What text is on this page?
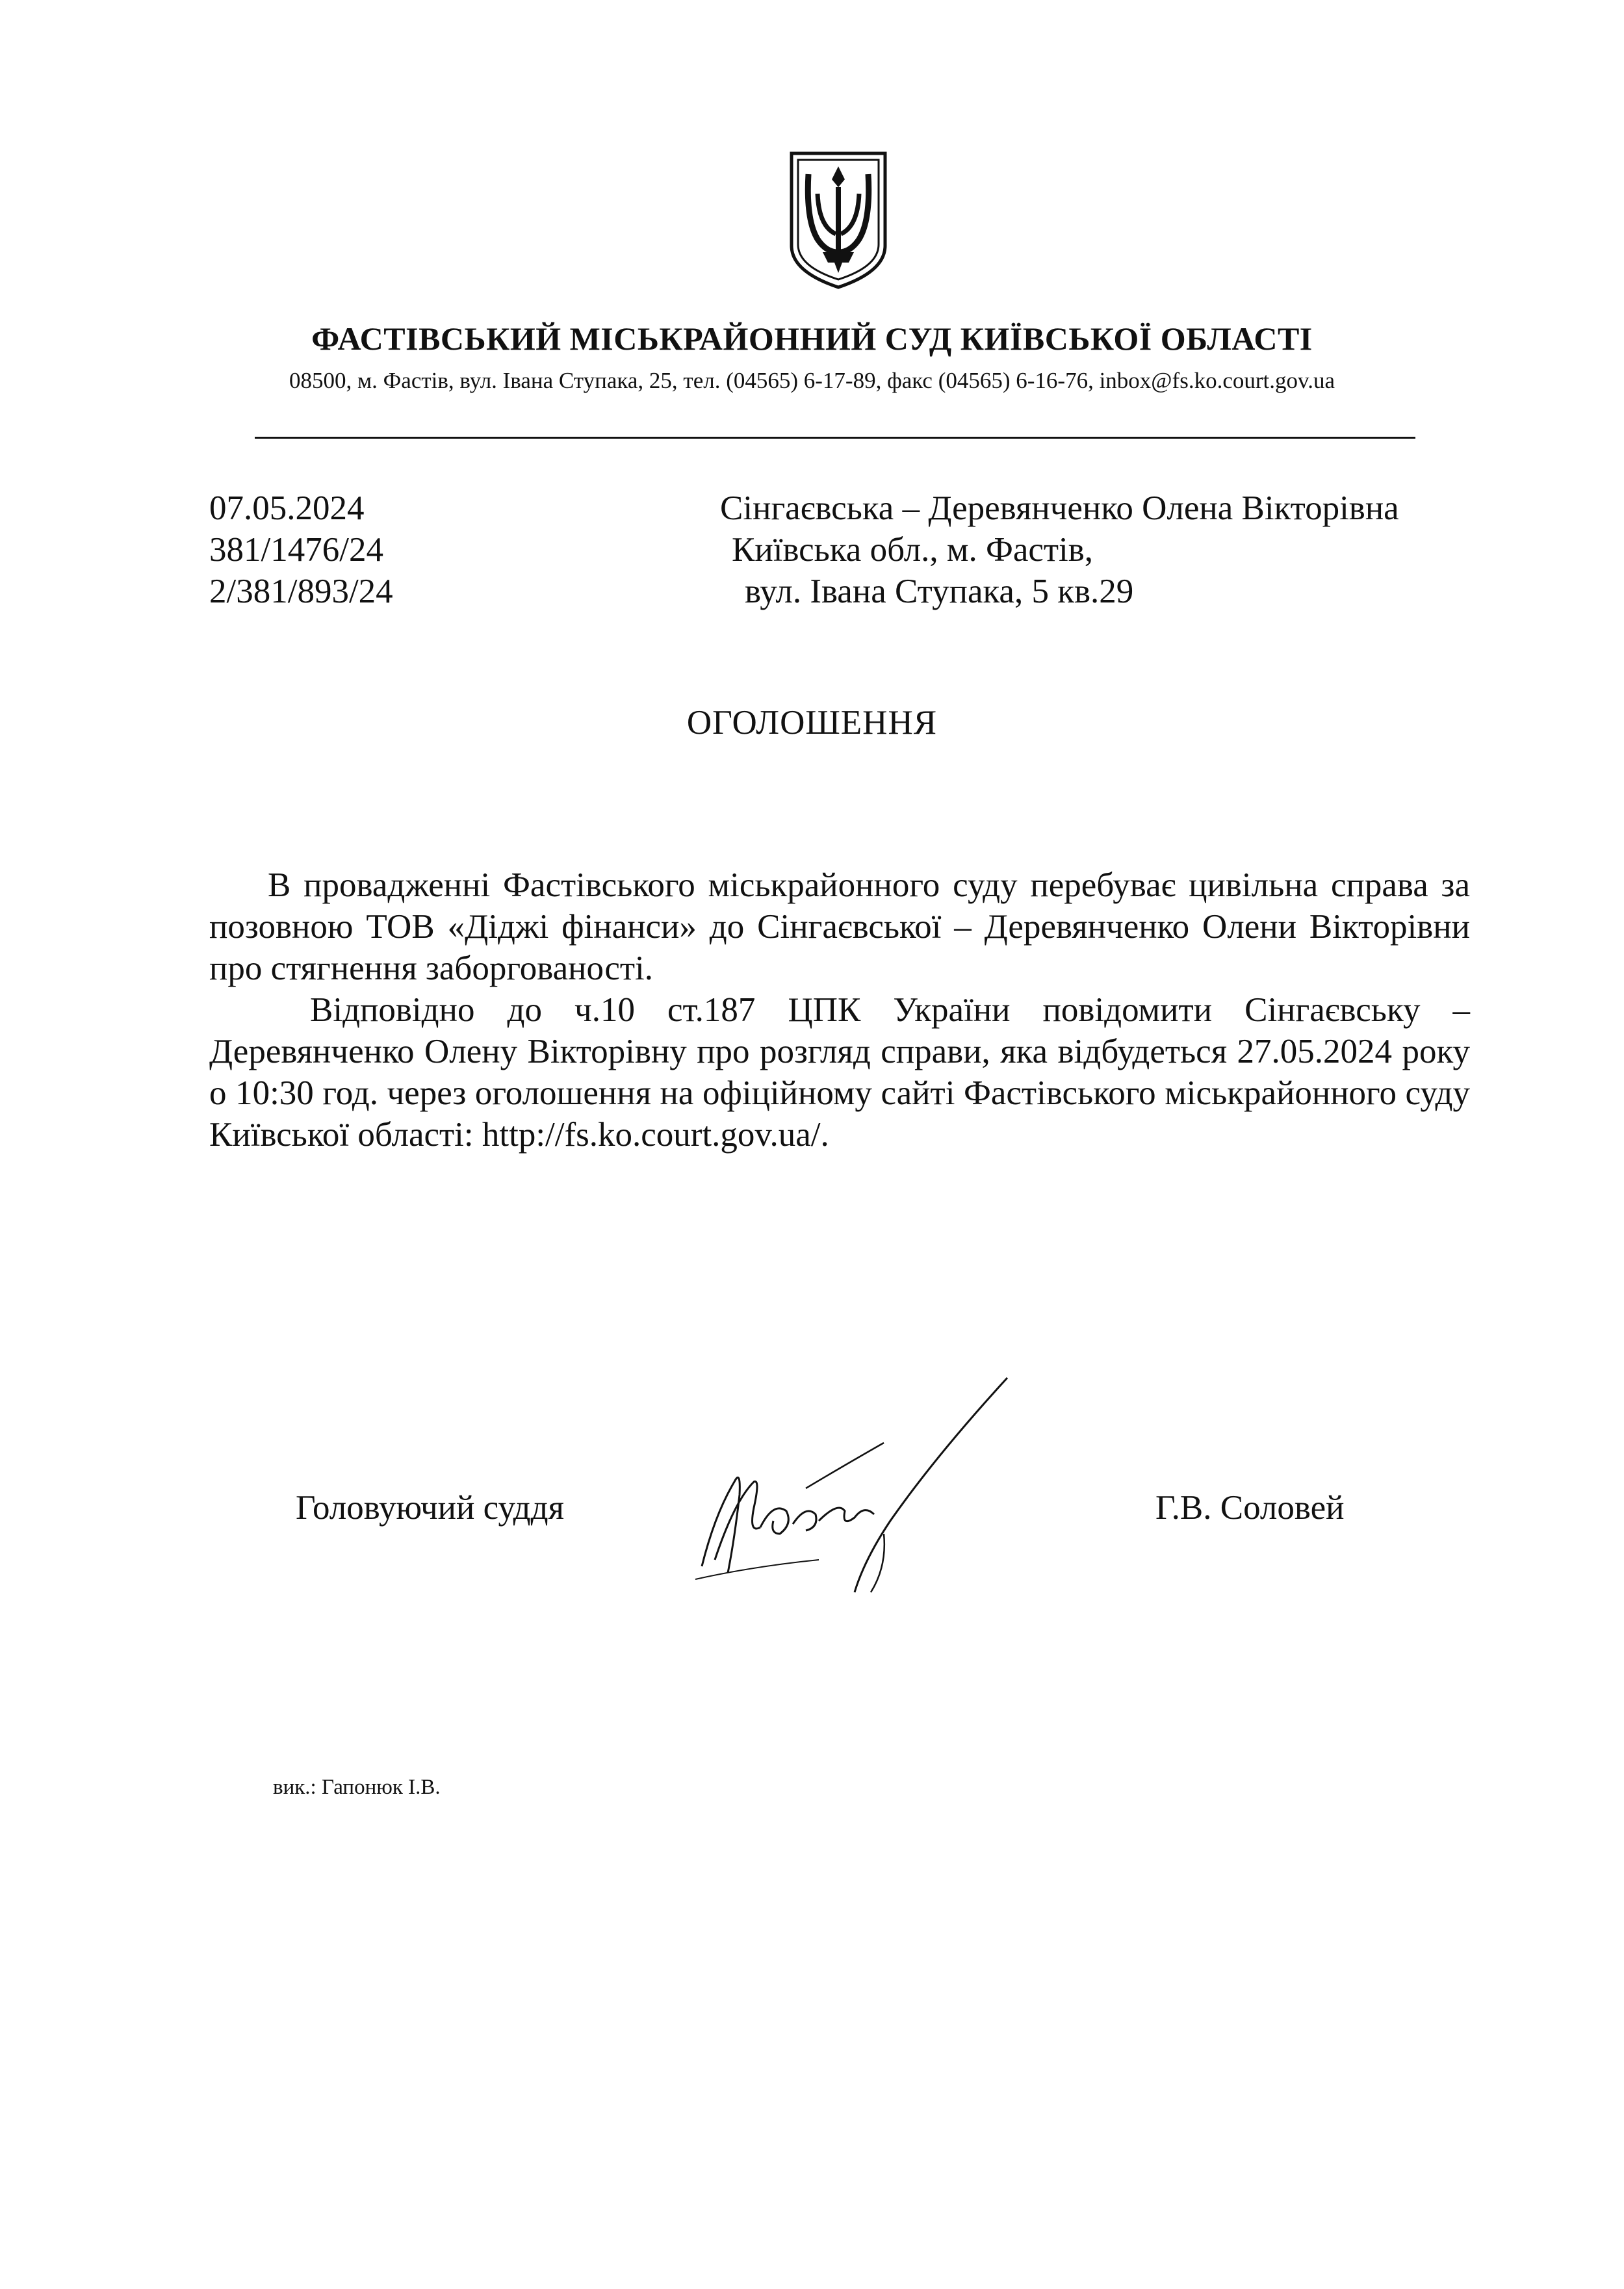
ФАСТІВСЬКИЙ МІСЬКРАЙОННИЙ СУД КИЇВСЬКОЇ ОБЛАСТІ
08500, м. Фастів, вул. Івана Ступака, 25, тел. (04565) 6-17-89, факс (04565) 6-16-76, inbox@fs.ko.court.gov.ua
07.05.2024
381/1476/24
2/381/893/24
Сінгаєвська – Деревянченко Олена Вікторівна
Київська обл., м. Фастів,
вул. Івана Ступака, 5 кв.29
ОГОЛОШЕННЯ

В провадженні Фастівського міськрайонного суду перебуває цивільна справа за позовною ТОВ «Діджі фінанси» до Сінгаєвської – Деревянченко Олени Вікторівни про стягнення заборгованості.

Відповідно до ч.10 ст.187 ЦПК України повідомити Сінгаєвську – Деревянченко Олену Вікторівну про розгляд справи, яка відбудеться 27.05.2024 року о 10:30 год. через оголошення на офіційному сайті Фастівського міськрайонного суду Київської області: http://fs.ko.court.gov.ua/.

Головуючий суддя	Г.В. Соловей
вик.: Гапонюк І.В.
